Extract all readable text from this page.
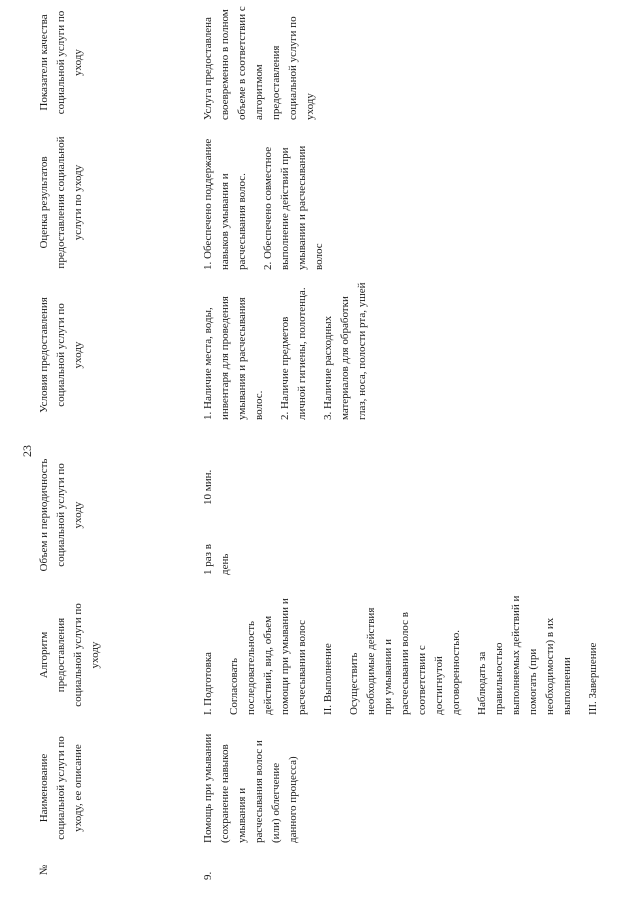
23
№
Наименование социальной услуги по уходу, ее описание
Алгоритм предоставления социальной услуги по уходу
Объем и периодичность социальной услуги по уходу
Условия предоставления социальной услуги по уходу
Оценка результатов предоставления социальной услуги по уходу
Показатели качества социальной услуги по уходу
9.
Помощь при умывании (сохранение навыков умывания и расчесывания волос и (или) облегчение данного процесса)

I. Подготовка Согласовать последовательность действий, вид, объем помощи при умывании и расчесывании волос II. Выполнение Осуществить необходимые действия при умывании и расчесывании волос в соответствии с достигнутой договоренностью. Наблюдать за правильностью выполняемых действий и помогать (при необходимости) в их выполнении III. Завершение

1 раз в день
10 мин.

1. Наличие места, воды, инвентаря для проведения умывания и расчесывания волос. 2. Наличие предметов личной гигиены, полотенца. 3. Наличие расходных материалов для обработки глаз, носа, полости рта, ушей

1. Обеспечено поддержание навыков умывания и расчесывания волос. 2. Обеспечено совместное выполнение действий при умывании и расчесывании волос

Услуга предоставлена своевременно в полном объеме в соответствии с алгоритмом предоставления социальной услуги по уходу
